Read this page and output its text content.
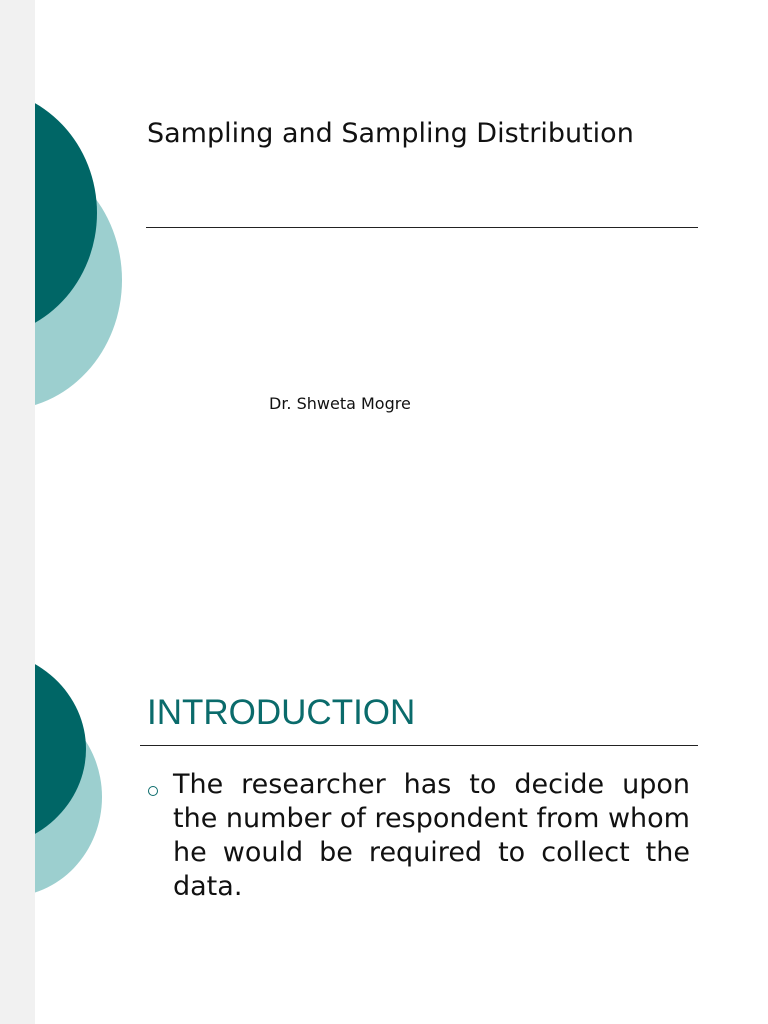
Sampling and Sampling Distribution
Dr. Shweta Mogre
INTRODUCTION

The researcher has to decide upon the number of respondent from whom he would be required to collect the data.
